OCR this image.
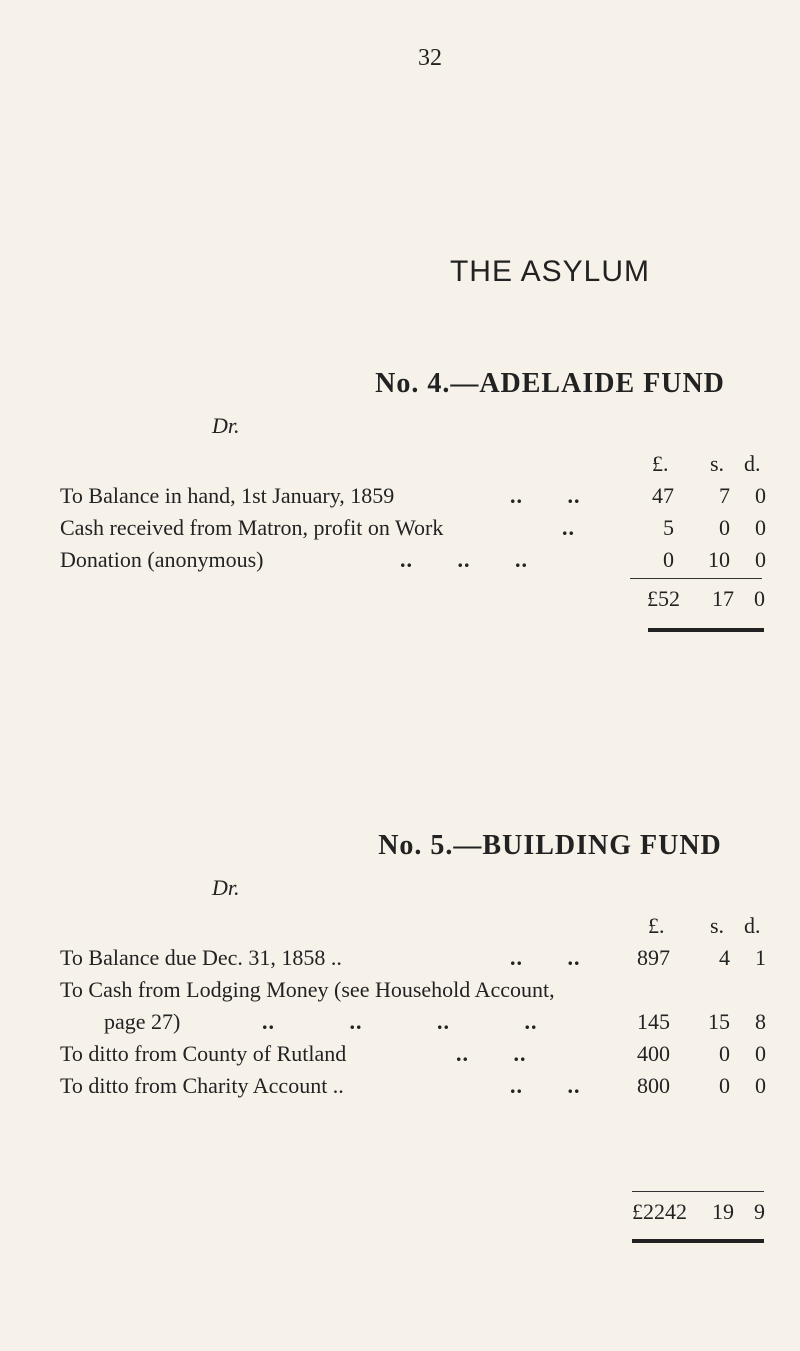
32
THE ASYLUM
No. 4.—ADELAIDE FUND
Dr.
£. s. d.
To Balance in hand, 1st January, 1859	.. ..	47	7	0
Cash received from Matron, profit on Work	..	5	0	0
Donation (anonymous)	.. .. ..	0	10	0
£52 17 0
No. 5.—BUILDING FUND
Dr.
£. s. d.
To Balance due Dec. 31, 1858 ..	.. ..	897	4	1
To Cash from Lodging Money (see Household Account,
page 27)	.. .. .. ..	145	15	8
To ditto from County of Rutland	.. ..	400	0	0
To ditto from Charity Account ..	.. ..	800	0	0
£2242 19 9
